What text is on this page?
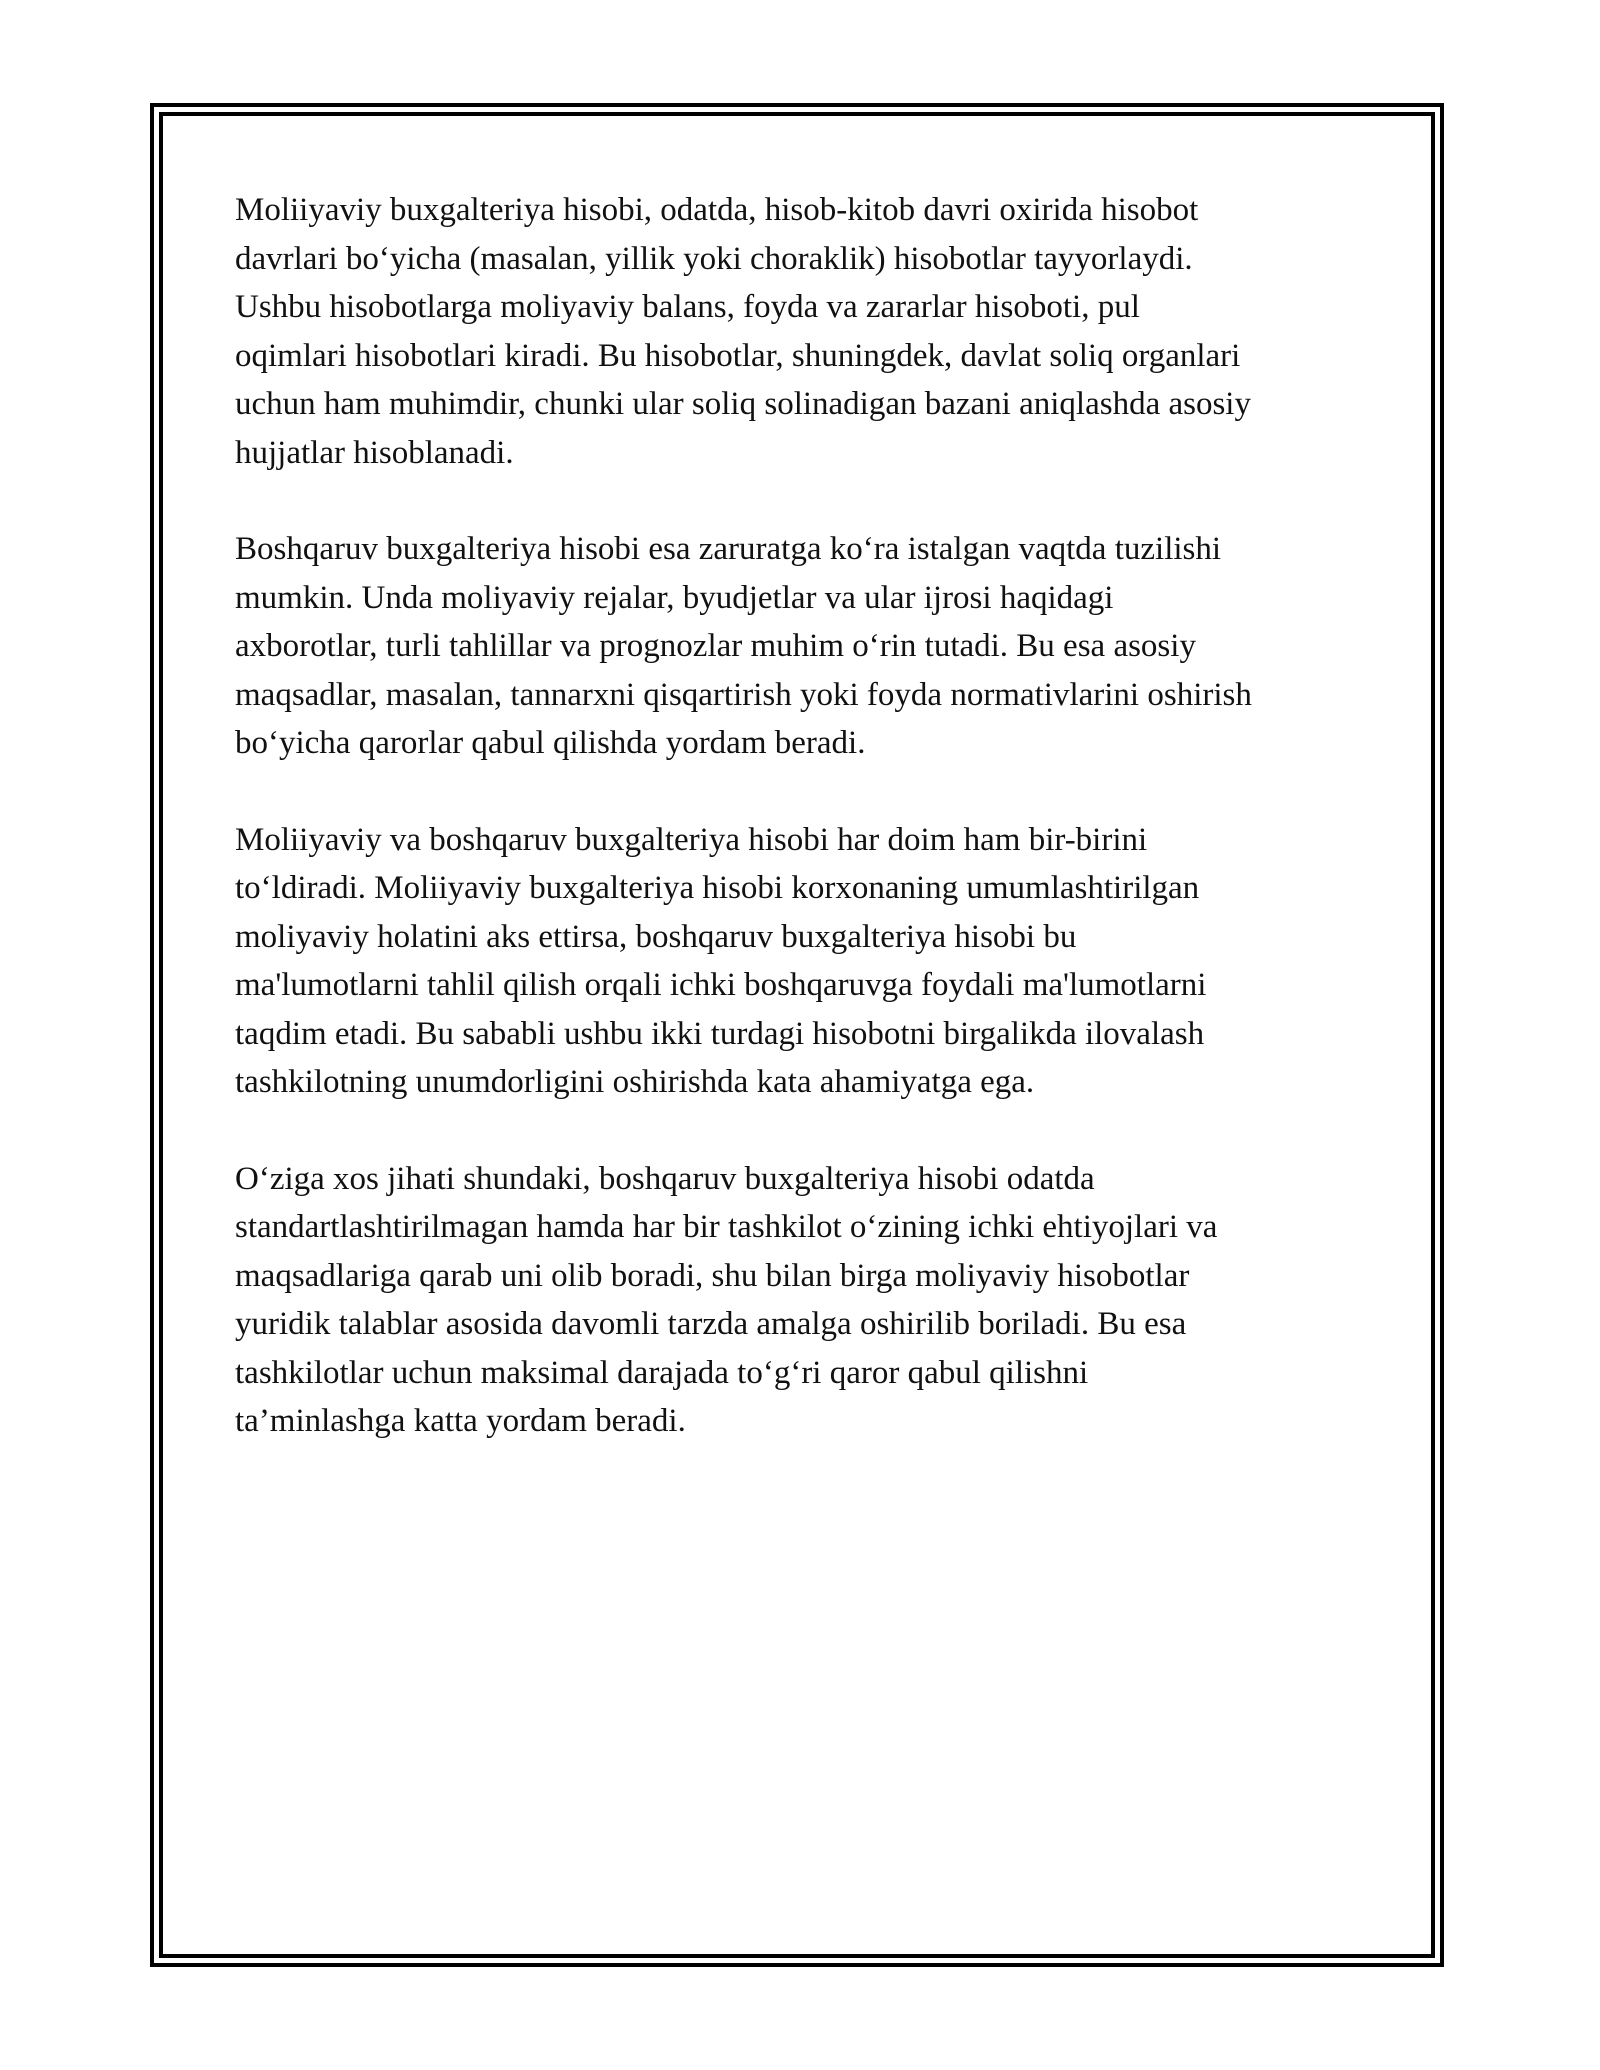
Moliiyaviy buxgalteriya hisobi, odatda, hisob-kitob davri oxirida hisobot
davrlari bo‘yicha (masalan, yillik yoki choraklik) hisobotlar tayyorlaydi.
Ushbu hisobotlarga moliyaviy balans, foyda va zararlar hisoboti, pul
oqimlari hisobotlari kiradi. Bu hisobotlar, shuningdek, davlat soliq organlari
uchun ham muhimdir, chunki ular soliq solinadigan bazani aniqlashda asosiy
hujjatlar hisoblanadi.

Boshqaruv buxgalteriya hisobi esa zaruratga ko‘ra istalgan vaqtda tuzilishi
mumkin. Unda moliyaviy rejalar, byudjetlar va ular ijrosi haqidagi
axborotlar, turli tahlillar va prognozlar muhim o‘rin tutadi. Bu esa asosiy
maqsadlar, masalan, tannarxni qisqartirish yoki foyda normativlarini oshirish
bo‘yicha qarorlar qabul qilishda yordam beradi.

Moliiyaviy va boshqaruv buxgalteriya hisobi har doim ham bir-birini
to‘ldiradi. Moliiyaviy buxgalteriya hisobi korxonaning umumlashtirilgan
moliyaviy holatini aks ettirsa, boshqaruv buxgalteriya hisobi bu
ma'lumotlarni tahlil qilish orqali ichki boshqaruvga foydali ma'lumotlarni
taqdim etadi. Bu sababli ushbu ikki turdagi hisobotni birgalikda ilovalash
tashkilotning unumdorligini oshirishda kata ahamiyatga ega.

O‘ziga xos jihati shundaki, boshqaruv buxgalteriya hisobi odatda
standartlashtirilmagan hamda har bir tashkilot o‘zining ichki ehtiyojlari va
maqsadlariga qarab uni olib boradi, shu bilan birga moliyaviy hisobotlar
yuridik talablar asosida davomli tarzda amalga oshirilib boriladi. Bu esa
tashkilotlar uchun maksimal darajada to‘g‘ri qaror qabul qilishni
ta’minlashga katta yordam beradi.
